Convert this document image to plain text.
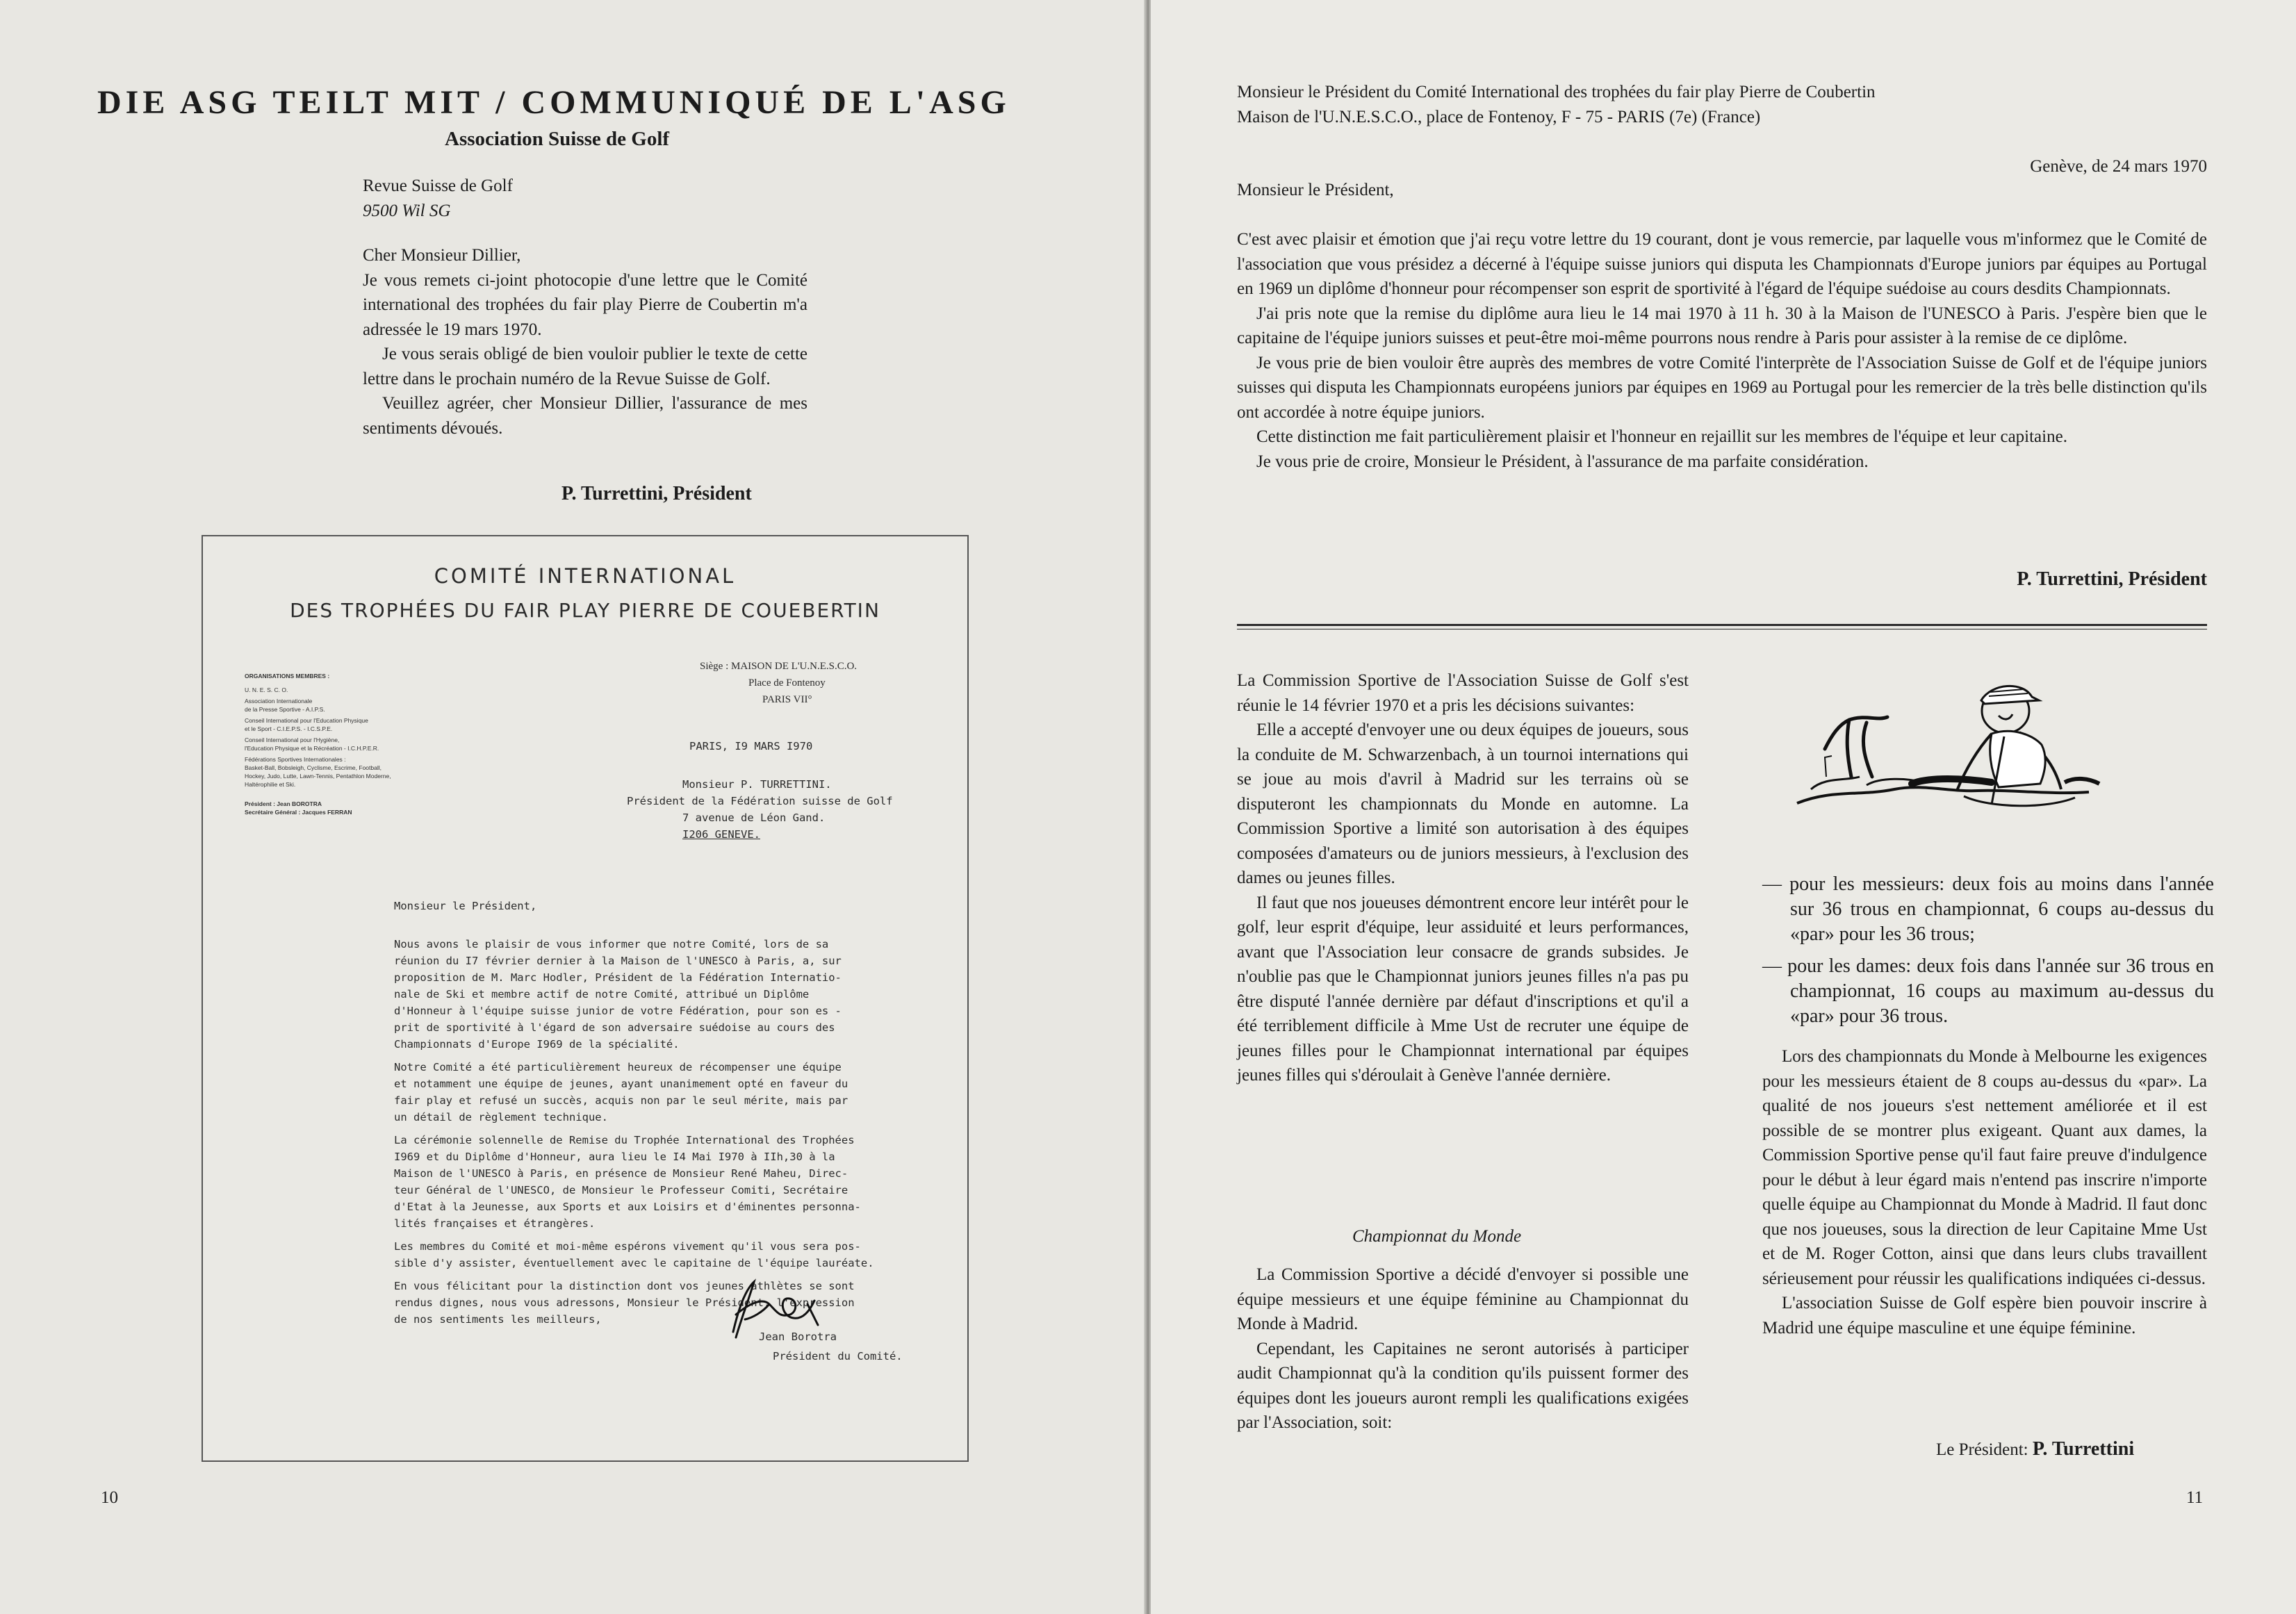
DIE ASG TEILT MIT / COMMUNIQUÉ DE L'ASG
Association Suisse de Golf
Revue Suisse de Golf
9500 Wil SG
Cher Monsieur Dillier,

Je vous remets ci-joint photocopie d'une lettre que le Comité international des trophées du fair play Pierre de Coubertin m'a adressée le 19 mars 1970.

Je vous serais obligé de bien vouloir publier le texte de cette lettre dans le prochain numéro de la Revue Suisse de Golf.

Veuillez agréer, cher Monsieur Dillier, l'assurance de mes sentiments dévoués.

P. Turrettini, Président
COMITÉ INTERNATIONAL
DES TROPHÉES DU FAIR PLAY PIERRE DE COUEBERTIN
ORGANISATIONS MEMBRES :
U. N. E. S. C. O.
Association Internationale
de la Presse Sportive - A.I.P.S.
Conseil International pour l'Education Physique
et le Sport - C.I.E.P.S. - I.C.S.P.E.
Conseil International pour l'Hygiène,
l'Education Physique et la Récréation - I.C.H.P.E.R.
Fédérations Sportives Internationales :
Basket-Ball, Bobsleigh, Cyclisme, Escrime, Football,
Hockey, Judo, Lutte, Lawn-Tennis, Pentathlon Moderne,
Haltérophilie et Ski.
Président : Jean BOROTRA
Secrétaire Général : Jacques FERRAN
Siège : MAISON DE L'U.N.E.S.C.O.
Place de Fontenoy
PARIS VII°
PARIS, I9 MARS I970
Monsieur P. TURRETTINI.
Président de la Fédération suisse de Golf
7 avenue de Léon Gand.
I206 GENEVE.
Monsieur le Président,
Nous avons le plaisir de vous informer que notre Comité, lors de sa
réunion du I7 février dernier à la Maison de l'UNESCO à Paris, a, sur
proposition de M. Marc Hodler, Président de la Fédération Internatio-
nale de Ski et membre actif de notre Comité, attribué un Diplôme
d'Honneur à l'équipe suisse junior de votre Fédération, pour son es -
prit de sportivité à l'égard de son adversaire suédoise au cours des
Championnats d'Europe I969 de la spécialité.
Notre Comité a été particulièrement heureux de récompenser une équipe
et notamment une équipe de jeunes, ayant unanimement opté en faveur du
fair play et refusé un succès, acquis non par le seul mérite, mais par
un détail de règlement technique.
La cérémonie solennelle de Remise du Trophée International des Trophées
I969 et du Diplôme d'Honneur, aura lieu le I4 Mai I970 à IIh,30 à la
Maison de l'UNESCO à Paris, en présence de Monsieur René Maheu, Direc-
teur Général de l'UNESCO, de Monsieur le Professeur Comiti, Secrétaire
d'Etat à la Jeunesse, aux Sports et aux Loisirs et d'éminentes personna-
lités françaises et étrangères.
Les membres du Comité et moi-même espérons vivement qu'il vous sera pos-
sible d'y assister, éventuellement avec le capitaine de l'équipe lauréate.
En vous félicitant pour la distinction dont vos jeunes athlètes se sont
rendus dignes, nous vous adressons, Monsieur le Président, l'expression
de nos sentiments les meilleurs,
Jean Borotra
Président du Comité.
10
Monsieur le Président du Comité International des trophées du fair play Pierre de Coubertin
Maison de l'U.N.E.S.C.O., place de Fontenoy, F - 75 - PARIS (7e) (France)
Genève, de 24 mars 1970
Monsieur le Président,

C'est avec plaisir et émotion que j'ai reçu votre lettre du 19 courant, dont je vous remercie, par laquelle vous m'informez que le Comité de l'association que vous présidez a décerné à l'équipe suisse juniors qui disputa les Championnats d'Europe juniors par équipes au Portugal en 1969 un diplôme d'honneur pour récompenser son esprit de sportivité à l'égard de l'équipe suédoise au cours desdits Championnats.

J'ai pris note que la remise du diplôme aura lieu le 14 mai 1970 à 11 h. 30 à la Maison de l'UNESCO à Paris. J'espère bien que le capitaine de l'équipe juniors suisses et peut-être moi-même pourrons nous rendre à Paris pour assister à la remise de ce diplôme.

Je vous prie de bien vouloir être auprès des membres de votre Comité l'interprète de l'Association Suisse de Golf et de l'équipe juniors suisses qui disputa les Championnats européens juniors par équipes en 1969 au Portugal pour les remercier de la très belle distinction qu'ils ont accordée à notre équipe juniors.

Cette distinction me fait particulièrement plaisir et l'honneur en rejaillit sur les membres de l'équipe et leur capitaine.

Je vous prie de croire, Monsieur le Président, à l'assurance de ma parfaite considération.

P. Turrettini, Président

La Commission Sportive de l'Association Suisse de Golf s'est réunie le 14 février 1970 et a pris les décisions suivantes:

Elle a accepté d'envoyer une ou deux équipes de joueurs, sous la conduite de M. Schwarzenbach, à un tournoi internations qui se joue au mois d'avril à Madrid sur les terrains où se disputeront les championnats du Monde en automne. La Commission Sportive a limité son autorisation à des équipes composées d'amateurs ou de juniors messieurs, à l'exclusion des dames ou jeunes filles.

Il faut que nos joueuses démontrent encore leur intérêt pour le golf, leur esprit d'équipe, leur assiduité et leurs performances, avant que l'Association leur consacre de grands subsides. Je n'oublie pas que le Championnat juniors jeunes filles n'a pas pu être disputé l'année dernière par défaut d'inscriptions et qu'il a été terriblement difficile à Mme Ust de recruter une équipe de jeunes filles pour le Championnat international par équipes jeunes filles qui s'déroulait à Genève l'année dernière.

Championnat du Monde

La Commission Sportive a décidé d'envoyer si possible une équipe messieurs et une équipe féminine au Championnat du Monde à Madrid.

Cependant, les Capitaines ne seront autorisés à participer audit Championnat qu'à la condition qu'ils puissent former des équipes dont les joueurs auront rempli les qualifications exigées par l'Association, soit:

— pour les messieurs: deux fois au moins dans l'année sur 36 trous en championnat, 6 coups au-dessus du «par» pour les 36 trous;
— pour les dames: deux fois dans l'année sur 36 trous en championnat, 16 coups au maximum au-dessus du «par» pour 36 trous.

Lors des championnats du Monde à Melbourne les exigences pour les messieurs étaient de 8 coups au-dessus du «par». La qualité de nos joueurs s'est nettement améliorée et il est possible de se montrer plus exigeant. Quant aux dames, la Commission Sportive pense qu'il faut faire preuve d'indulgence pour le début à leur égard mais n'entend pas inscrire n'importe quelle équipe au Championnat du Monde à Madrid. Il faut donc que nos joueuses, sous la direction de leur Capitaine Mme Ust et de M. Roger Cotton, ainsi que dans leurs clubs travaillent sérieusement pour réussir les qualifications indiquées ci-dessus.

L'association Suisse de Golf espère bien pouvoir inscrire à Madrid une équipe masculine et une équipe féminine.

Le Président: P. Turrettini
11
